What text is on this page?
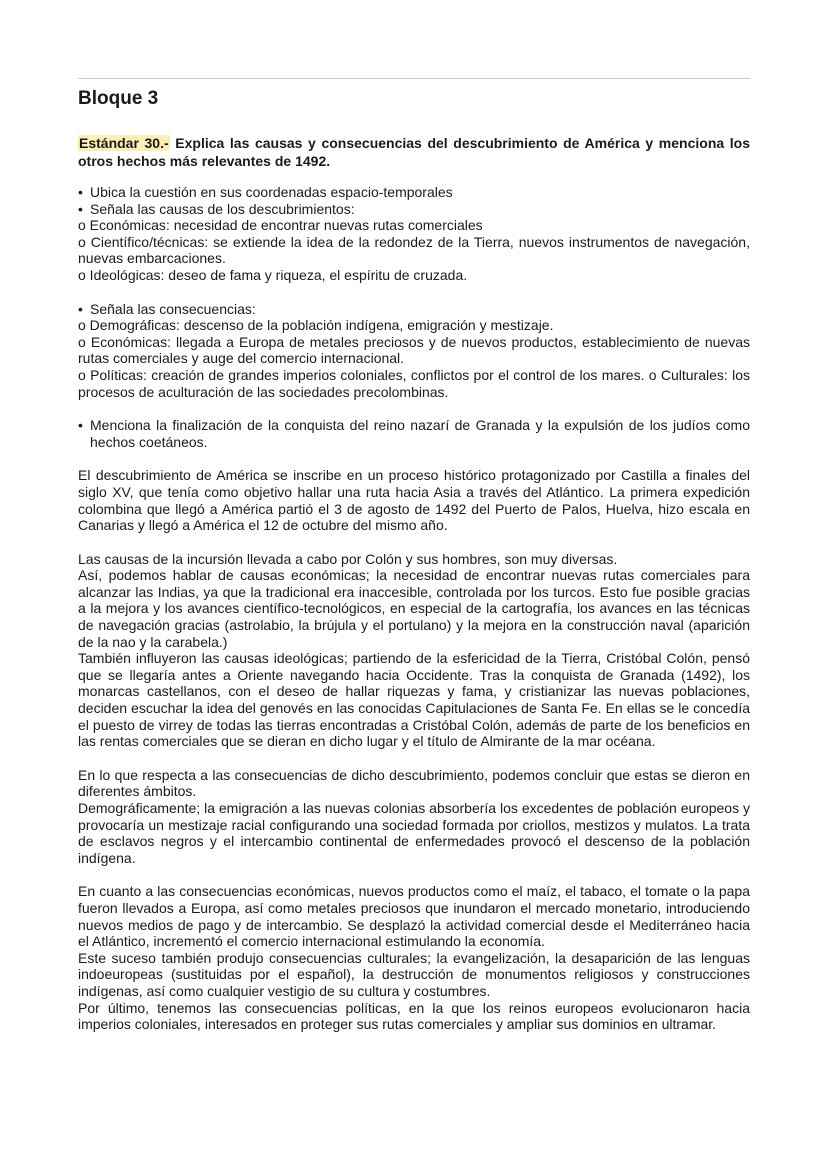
Bloque 3

Estándar 30.- Explica las causas y consecuencias del descubrimiento de América y menciona los otros hechos más relevantes de 1492.

• Ubica la cuestión en sus coordenadas espacio-temporales
• Señala las causas de los descubrimientos:
o Económicas: necesidad de encontrar nuevas rutas comerciales
o Científico/técnicas: se extiende la idea de la redondez de la Tierra, nuevos instrumentos de navegación, nuevas embarcaciones.
o Ideológicas: deseo de fama y riqueza, el espíritu de cruzada.
• Señala las consecuencias:
o Demográficas: descenso de la población indígena, emigración y mestizaje.
o Económicas: llegada a Europa de metales preciosos y de nuevos productos, establecimiento de nuevas rutas comerciales y auge del comercio internacional.
o Políticas: creación de grandes imperios coloniales, conflictos por el control de los mares. o Culturales: los procesos de aculturación de las sociedades precolombinas.
• Menciona la finalización de la conquista del reino nazarí de Granada y la expulsión de los judíos como hechos coetáneos.

El descubrimiento de América se inscribe en un proceso histórico protagonizado por Castilla a finales del siglo XV, que tenía como objetivo hallar una ruta hacia Asia a través del Atlántico. La primera expedición colombina que llegó a América partió el 3 de agosto de 1492 del Puerto de Palos, Huelva, hizo escala en Canarias y llegó a América el 12 de octubre del mismo año.

Las causas de la incursión llevada a cabo por Colón y sus hombres, son muy diversas.

Así, podemos hablar de causas económicas; la necesidad de encontrar nuevas rutas comerciales para alcanzar las Indias, ya que la tradicional era inaccesible, controlada por los turcos. Esto fue posible gracias a la mejora y los avances científico-tecnológicos, en especial de la cartografía, los avances en las técnicas de navegación gracias (astrolabio, la brújula y el portulano) y la mejora en la construcción naval (aparición de la nao y la carabela.)

También influyeron las causas ideológicas; partiendo de la esfericidad de la Tierra, Cristóbal Colón, pensó que se llegaría antes a Oriente navegando hacia Occidente. Tras la conquista de Granada (1492), los monarcas castellanos, con el deseo de hallar riquezas y fama, y cristianizar las nuevas poblaciones, deciden escuchar la idea del genovés en las conocidas Capitulaciones de Santa Fe. En ellas se le concedía el puesto de virrey de todas las tierras encontradas a Cristóbal Colón, además de parte de los beneficios en las rentas comerciales que se dieran en dicho lugar y el título de Almirante de la mar océana.

En lo que respecta a las consecuencias de dicho descubrimiento, podemos concluir que estas se dieron en diferentes ámbitos.

Demográficamente; la emigración a las nuevas colonias absorbería los excedentes de población europeos y provocaría un mestizaje racial configurando una sociedad formada por criollos, mestizos y mulatos. La trata de esclavos negros y el intercambio continental de enfermedades provocó el descenso de la población indígena.

En cuanto a las consecuencias económicas, nuevos productos como el maíz, el tabaco, el tomate o la papa fueron llevados a Europa, así como metales preciosos que inundaron el mercado monetario, introduciendo nuevos medios de pago y de intercambio. Se desplazó la actividad comercial desde el Mediterráneo hacia el Atlántico, incrementó el comercio internacional estimulando la economía.

Este suceso también produjo consecuencias culturales; la evangelización, la desaparición de las lenguas indoeuropeas (sustituidas por el español), la destrucción de monumentos religiosos y construcciones indígenas, así como cualquier vestigio de su cultura y costumbres.

Por último, tenemos las consecuencias políticas, en la que los reinos europeos evolucionaron hacia imperios coloniales, interesados en proteger sus rutas comerciales y ampliar sus dominios en ultramar.
